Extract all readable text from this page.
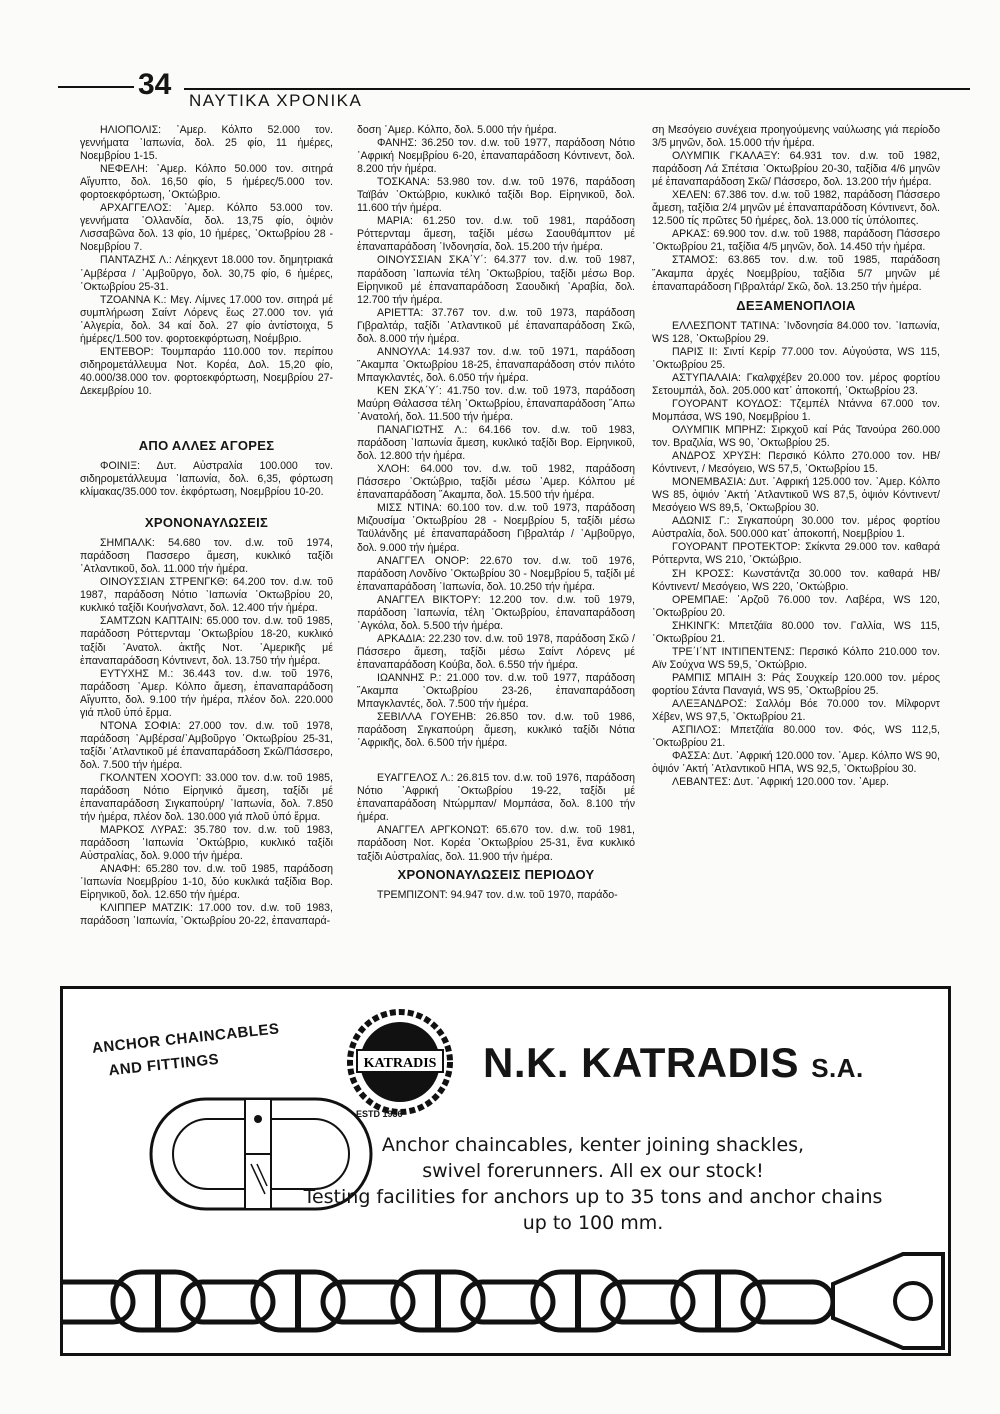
34 ΝΑΥΤΙΚΑ ΧΡΟΝΙΚΑ

ΗΛΙΟΠΟΛΙΣ: ᾿Αμερ. Κόλπο 52.000 τον. γεννήματα ᾿Ιαπωνία, δολ. 25 φίο, 11 ἡμέρες, Νοεμβρίου 1-15.

ΝΕΦΕΛΗ: ᾿Αμερ. Κόλπο 50.000 τον. σιτηρά Αἴγυπτο, δολ. 16,50 φίο, 5 ἡμέρες/5.000 τον. φορτοεκφόρτωση, ᾿Οκτώβριο.

ΑΡΧΑΓΓΕΛΟΣ: ᾿Αμερ. Κόλπο 53.000 τον. γεννήματα ᾿Ολλανδία, δολ. 13,75 φίο, ὀψιὸν Λισσαβῶνα δολ. 13 φίο, 10 ἡμέρες, ᾿Οκτωβρίου 28 - Νοεμβρίου 7.

ΠΑΝΤΑΖΗΣ Λ.: Λέηκχεντ 18.000 τον. δημητριακά ᾿Αμβέρσα / ᾿Αμβοῦργο, δολ. 30,75 φίο, 6 ἡμέρες, ᾿Οκτωβρίου 25-31.

ΤΖΟΑΝΝΑ Κ.: Μεγ. Λίμνες 17.000 τον. σιτηρά μέ συμπλήρωση Σαίντ Λόρενς ἕως 27.000 τον. γιά ᾿Αλγερία, δολ. 34 καί δολ. 27 φίο ἀντίστοιχα, 5 ἡμέρες/1.500 τον. φορτοεκφόρτωση, Νοέμβριο.

ΕΝΤΕΒΟΡ: Τουμπαράο 110.000 τον. περίπου σιδηρομετάλλευμα Νοτ. Κορέα, Δολ. 15,20 φίο, 40.000/38.000 τον. φορτοεκφόρτωση, Νοεμβρίου 27-Δεκεμβρίου 10.

ΑΠΟ ΑΛΛΕΣ ΑΓΟΡΕΣ

ΦΟΙΝΙΞ: Δυτ. Αὐστραλία 100.000 τον. σιδηρομετάλλευμα ᾿Ιαπωνία, δολ. 6,35, φόρτωση κλίμακας/35.000 τον. ἐκφόρτωση, Νοεμβρίου 10-20.

ΧΡΟΝΟΝΑΥΛΩΣΕΙΣ

ΣΗΜΠΑΛΚ: 54.680 τον. d.w. τοῦ 1974, παράδοση Πασσερο ἄμεση, κυκλικό ταξίδι ᾿Ατλαντικοῦ, δολ. 11.000 τήν ἡμέρα.

ΟΙΝΟΥΣΣΙΑΝ ΣΤΡΕΝΓΚΘ: 64.200 τον. d.w. τοῦ 1987, παράδοση Νότιο ᾿Ιαπωνία ᾿Οκτωβρίου 20, κυκλικό ταξίδι Κουήνσλαντ, δολ. 12.400 τήν ἡμέρα.

ΣΑΜΤΖΩΝ ΚΑΠΤΑΙΝ: 65.000 τον. d.w. τοῦ 1985, παράδοση Ρόττερνταμ ᾿Οκτωβρίου 18-20, κυκλικό ταξίδι ᾿Ανατολ. ἀκτῆς Νοτ. ᾿Αμερικῆς μέ ἐπαναπαράδοση Κόντινεντ, δολ. 13.750 τήν ἡμέρα.

ΕΥΤΥΧΗΣ Μ.: 36.443 τον. d.w. τοῦ 1976, παράδοση ᾿Αμερ. Κόλπο ἄμεση, ἐπαναπαράδοση Αἴγυπτο, δολ. 9.100 τήν ἡμέρα, πλέον δολ. 220.000 γιά πλοῦ ὑπό ἔρμα.

ΝΤΟΝΑ ΣΟΦΙΑ: 27.000 τον. d.w. τοῦ 1978, παράδοση ᾿Αμβέρσα/᾿Αμβοῦργο ᾿Οκτωβρίου 25-31, ταξίδι ᾿Ατλαντικοῦ μέ ἐπαναπαράδοση Σκῶ/Πάσσερο, δολ. 7.500 τήν ἡμέρα.

ΓΚΟΛΝΤΕΝ ΧΟΟΥΠ: 33.000 τον. d.w. τοῦ 1985, παράδοση Νότιο Εἰρηνικό ἄμεση, ταξίδι μέ ἐπαναπαράδοση Σιγκαπούρη/ ᾿Ιαπωνία, δολ. 7.850 τήν ἡμέρα, πλέον δολ. 130.000 γιά πλοῦ ὑπό ἔρμα.

ΜΑΡΚΟΣ ΛΥΡΑΣ: 35.780 τον. d.w. τοῦ 1983, παράδοση ᾿Ιαπωνία ᾿Οκτώβριο, κυκλικό ταξίδι Αὐστραλίας, δολ. 9.000 τήν ἡμέρα.

ΑΝΑΦΗ: 65.280 τον. d.w. τοῦ 1985, παράδοση ᾿Ιαπωνία Νοεμβρίου 1-10, δύο κυκλικά ταξίδια Βορ. Εἰρηνικοῦ, δολ. 12.650 τήν ἡμέρα.

ΚΛΙΠΠΕΡ ΜΑΤΖΙΚ: 17.000 τον. d.w. τοῦ 1983, παράδοση ᾿Ιαπωνία, ᾿Οκτωβρίου 20-22, ἐπαναπαρά-

δοση ᾿Αμερ. Κόλπο, δολ. 5.000 τήν ἡμέρα.

ΦΑΝΗΣ: 36.250 τον. d.w. τοῦ 1977, παράδοση Νότιο ᾿Αφρική Νοεμβρίου 6-20, ἐπαναπαράδοση Κόντινεντ, δολ. 8.200 τήν ἡμέρα.

ΤΟΣΚΑΝΑ: 53.980 τον. d.w. τοῦ 1976, παράδοση Ταϊβάν ᾿Οκτώβριο, κυκλικό ταξίδι Βορ. Εἰρηνικοῦ, δολ. 11.600 τήν ἡμέρα.

ΜΑΡΙΑ: 61.250 τον. d.w. τοῦ 1981, παράδοση Ρόττερνταμ ἄμεση, ταξίδι μέσω Σαουθάμπτον μέ ἐπαναπαράδοση ᾿Ινδονησία, δολ. 15.200 τήν ἡμέρα.

ΟΙΝΟΥΣΣΙΑΝ ΣΚΑ΄Υ΄: 64.377 τον. d.w. τοῦ 1987, παράδοση ᾿Ιαπωνία τέλη ᾿Οκτωβρίου, ταξίδι μέσω Βορ. Εἰρηνικοῦ μέ ἐπαναπαράδοση Σαουδική ᾿Αραβία, δολ. 12.700 τήν ἡμέρα.

ΑΡΙΕΤΤΑ: 37.767 τον. d.w. τοῦ 1973, παράδοση Γιβραλτάρ, ταξίδι ᾿Ατλαντικοῦ μέ ἐπαναπαράδοση Σκῶ, δολ. 8.000 τήν ἡμέρα.

ΑΝΝΟΥΛΑ: 14.937 τον. d.w. τοῦ 1971, παράδοση ῎Ακαμπα ᾿Οκτωβρίου 18-25, ἐπαναπαράδοση στόν πιλότο Μπαγκλαντές, δολ. 6.050 τήν ἡμέρα.

ΚΕΝ ΣΚΑ΄Υ΄: 41.750 τον. d.w. τοῦ 1973, παράδοση Μαύρη Θάλασσα τέλη ᾿Οκτωβρίου, ἐπαναπαράδοση ῎Απω ᾿Ανατολή, δολ. 11.500 τήν ἡμέρα.

ΠΑΝΑΓΙΩΤΗΣ Λ.: 64.166 τον. d.w. τοῦ 1983, παράδοση ᾿Ιαπωνία ἄμεση, κυκλικό ταξίδι Βορ. Εἰρηνικοῦ, δολ. 12.800 τήν ἡμέρα.

ΧΛΟΗ: 64.000 τον. d.w. τοῦ 1982, παράδοση Πάσσερο ᾿Οκτώβριο, ταξίδι μέσω ᾿Αμερ. Κόλπου μέ ἐπαναπαράδοση ῎Ακαμπα, δολ. 15.500 τήν ἡμέρα.

ΜΙΣΣ ΝΤΙΝΑ: 60.100 τον. d.w. τοῦ 1973, παράδοση Μιζουσίμα ᾿Οκτωβρίου 28 - Νοεμβρίου 5, ταξίδι μέσω Ταϋλάνδης μέ ἐπαναπαράδοση Γιβραλτάρ / ᾿Αμβοῦργο, δολ. 9.000 τήν ἡμέρα.

ΑΝΑΓΓΕΛ ΟΝΟΡ: 22.670 τον. d.w. τοῦ 1976, παράδοση Λονδίνο ᾿Οκτωβρίου 30 - Νοεμβρίου 5, ταξίδι μέ ἐπαναπαράδοση ᾿Ιαπωνία, δολ. 10.250 τήν ἡμέρα.

ΑΝΑΓΓΕΛ ΒΙΚΤΟΡΥ: 12.200 τον. d.w. τοῦ 1979, παράδοση ᾿Ιαπωνία, τέλη ᾿Οκτωβρίου, ἐπαναπαράδοση ᾿Αγκόλα, δολ. 5.500 τήν ἡμέρα.

ΑΡΚΑΔΙΑ: 22.230 τον. d.w. τοῦ 1978, παράδοση Σκῶ / Πάσσερο ἄμεση, ταξίδι μέσω Σαίντ Λόρενς μέ ἐπαναπαράδοση Κούβα, δολ. 6.550 τήν ἡμέρα.

ΙΩΑΝΝΗΣ Ρ.: 21.000 τον. d.w. τοῦ 1977, παράδοση ῎Ακαμπα ᾿Οκτωβρίου 23-26, ἐπαναπαράδοση Μπαγκλαντές, δολ. 7.500 τήν ἡμέρα.

ΣΕΒΙΛΛΑ ΓΟΥΕΗΒ: 26.850 τον. d.w. τοῦ 1986, παράδοση Σιγκαπούρη ἄμεση, κυκλικό ταξίδι Νότια ᾿Αφρικῆς, δολ. 6.500 τήν ἡμέρα.

ΕΥΑΓΓΕΛΟΣ Λ.: 26.815 τον. d.w. τοῦ 1976, παράδοση Νότιο ᾿Αφρική ᾿Οκτωβρίου 19-22, ταξίδι μέ ἐπαναπαράδοση Ντώρμπαν/ Μομπάσα, δολ. 8.100 τήν ἡμέρα.

ΑΝΑΓΓΕΛ ΑΡΓΚΟΝΩΤ: 65.670 τον. d.w. τοῦ 1981, παράδοση Νοτ. Κορέα ᾿Οκτωβρίου 25-31, ἕνα κυκλικό ταξίδι Αὐστραλίας, δολ. 11.900 τήν ἡμέρα.

ΧΡΟΝΟΝΑΥΛΩΣΕΙΣ ΠΕΡΙΟΔΟΥ

ΤΡΕΜΠΙΖΟΝΤ: 94.947 τον. d.w. τοῦ 1970, παράδο-

ση Μεσόγειο συνέχεια προηγούμενης ναύλωσης γιά περίοδο 3/5 μηνῶν, δολ. 15.000 τήν ἡμέρα.

ΟΛΥΜΠΙΚ ΓΚΑΛΑΞΥ: 64.931 τον. d.w. τοῦ 1982, παράδοση Λά Σπέτσια ᾿Οκτωβρίου 20-30, ταξίδια 4/6 μηνῶν μέ ἐπαναπαράδοση Σκῶ/ Πάσσερο, δολ. 13.200 τήν ἡμέρα.

ΧΕΛΕΝ: 67.386 τον. d.w. τοῦ 1982, παράδοση Πάσσερο ἄμεση, ταξίδια 2/4 μηνῶν μέ ἐπαναπαράδοση Κόντινεντ, δολ. 12.500 τίς πρῶτες 50 ἡμέρες, δολ. 13.000 τίς ὑπόλοιπες.

ΑΡΚΑΣ: 69.900 τον. d.w. τοῦ 1988, παράδοση Πάσσερο ᾿Οκτωβρίου 21, ταξίδια 4/5 μηνῶν, δολ. 14.450 τήν ἡμέρα.

ΣΤΑΜΟΣ: 63.865 τον. d.w. τοῦ 1985, παράδοση ῎Ακαμπα ἀρχές Νοεμβρίου, ταξίδια 5/7 μηνῶν μέ ἐπαναπαράδοση Γιβραλτάρ/ Σκῶ, δολ. 13.250 τήν ἡμέρα.

ΔΕΞΑΜΕΝΟΠΛΟΙΑ

ΕΛΛΕΣΠΟΝΤ ΤΑΤΙΝΑ: ᾿Ινδονησία 84.000 τον. ᾿Ιαπωνία, WS 128, ᾿Οκτωβρίου 29.

ΠΑΡΙΣ ΙΙ: Σιντί Κερίρ 77.000 τον. Αὐγούστα, WS 115, ᾿Οκτωβρίου 25.

ΑΣΤΥΠΑΛΑΙΑ: Γκαλφχέβεν 20.000 τον. μέρος φορτίου Σετουμπάλ, δολ. 205.000 κατ᾿ ἀποκοπή, ᾿Οκτωβρίου 23.

ΓΟΥΟΡΑΝΤ ΚΟΥΔΟΣ: Τζεμπέλ Ντάννα 67.000 τον. Μομπάσα, WS 190, Νοεμβρίου 1.

ΟΛΥΜΠΙΚ ΜΠΡΗΖ: Σιρκχοῦ καί Ράς Τανούρα 260.000 τον. Βραζιλία, WS 90, ᾿Οκτωβρίου 25.

ΑΝΔΡΟΣ ΧΡΥΣΗ: Περσικό Κόλπο 270.000 τον. ΗΒ/ Κόντινεντ, / Μεσόγειο, WS 57,5, ᾿Οκτωβρίου 15.

ΜΟΝΕΜΒΑΣΙΑ: Δυτ. ᾿Αφρική 125.000 τον. ᾿Αμερ. Κόλπο WS 85, ὀψιόν ᾿Ακτή ᾿Ατλαντικοῦ WS 87,5, ὀψιόν Κόντινεντ/ Μεσόγειο WS 89,5, ᾿Οκτωβρίου 30.

ΑΔΩΝΙΣ Γ.: Σιγκαπούρη 30.000 τον. μέρος φορτίου Αὐστραλία, δολ. 500.000 κατ᾿ ἀποκοπή, Νοεμβρίου 1.

ΓΟΥΟΡΑΝΤ ΠΡΟΤΕΚΤΟΡ: Σκίκντα 29.000 τον. καθαρά Ρόττερντα, WS 210, ᾿Οκτώβριο.

ΣΗ ΚΡΟΣΣ: Κωνστάντζα 30.000 τον. καθαρά ΗΒ/ Κόντινεντ/ Μεσόγειο, WS 220, ᾿Οκτώβριο.

ΟΡΕΜΠΑΕ: ᾿Αρζοῦ 76.000 τον. Λαβέρα, WS 120, ᾿Οκτωβρίου 20.

ΣΗΚΙΝΓΚ: Μπετζάϊα 80.000 τον. Γαλλία, WS 115, ᾿Οκτωβρίου 21.

ΤΡΕ΄Ι΄ΝΤ ΙΝΤΙΠΕΝΤΕΝΣ: Περσικό Κόλπο 210.000 τον. Αϊν Σούχνα WS 59,5, ᾿Οκτώβριο.

ΡΑΜΠΙΣ ΜΠΑΙΗ 3: Ράς Σουχκείρ 120.000 τον. μέρος φορτίου Σάντα Παναγιά, WS 95, ᾿Οκτωβρίου 25.

ΑΛΕΞΑΝΔΡΟΣ: Σαλλόμ Βόε 70.000 τον. Μίλφορντ Χέβεν, WS 97,5, ᾿Οκτωβρίου 21.

ΑΣΠΙΛΟΣ: Μπετζάϊα 80.000 τον. Φός, WS 112,5, ᾿Οκτωβρίου 21.

ΦΑΣΣΑ: Δυτ. ᾿Αφρική 120.000 τον. ᾿Αμερ. Κόλπο WS 90, ὀψιόν ᾿Ακτή ᾿Ατλαντικοῦ ΗΠΑ, WS 92,5, ᾿Οκτωβρίου 30.

ΛΕΒΑΝΤΕΣ: Δυτ. ᾿Αφρική 120.000 τον. ᾿Αμερ.

ANCHOR CHAINCABLES
AND FITTINGS	KATRADIS
ESTD 1936
N.K. KATRADIS S.A.
Anchor chaincables, kenter joining shackles,
swivel forerunners. All ex our stock!
Testing facilities for anchors up to 35 tons and anchor chains
up to 100 mm.
